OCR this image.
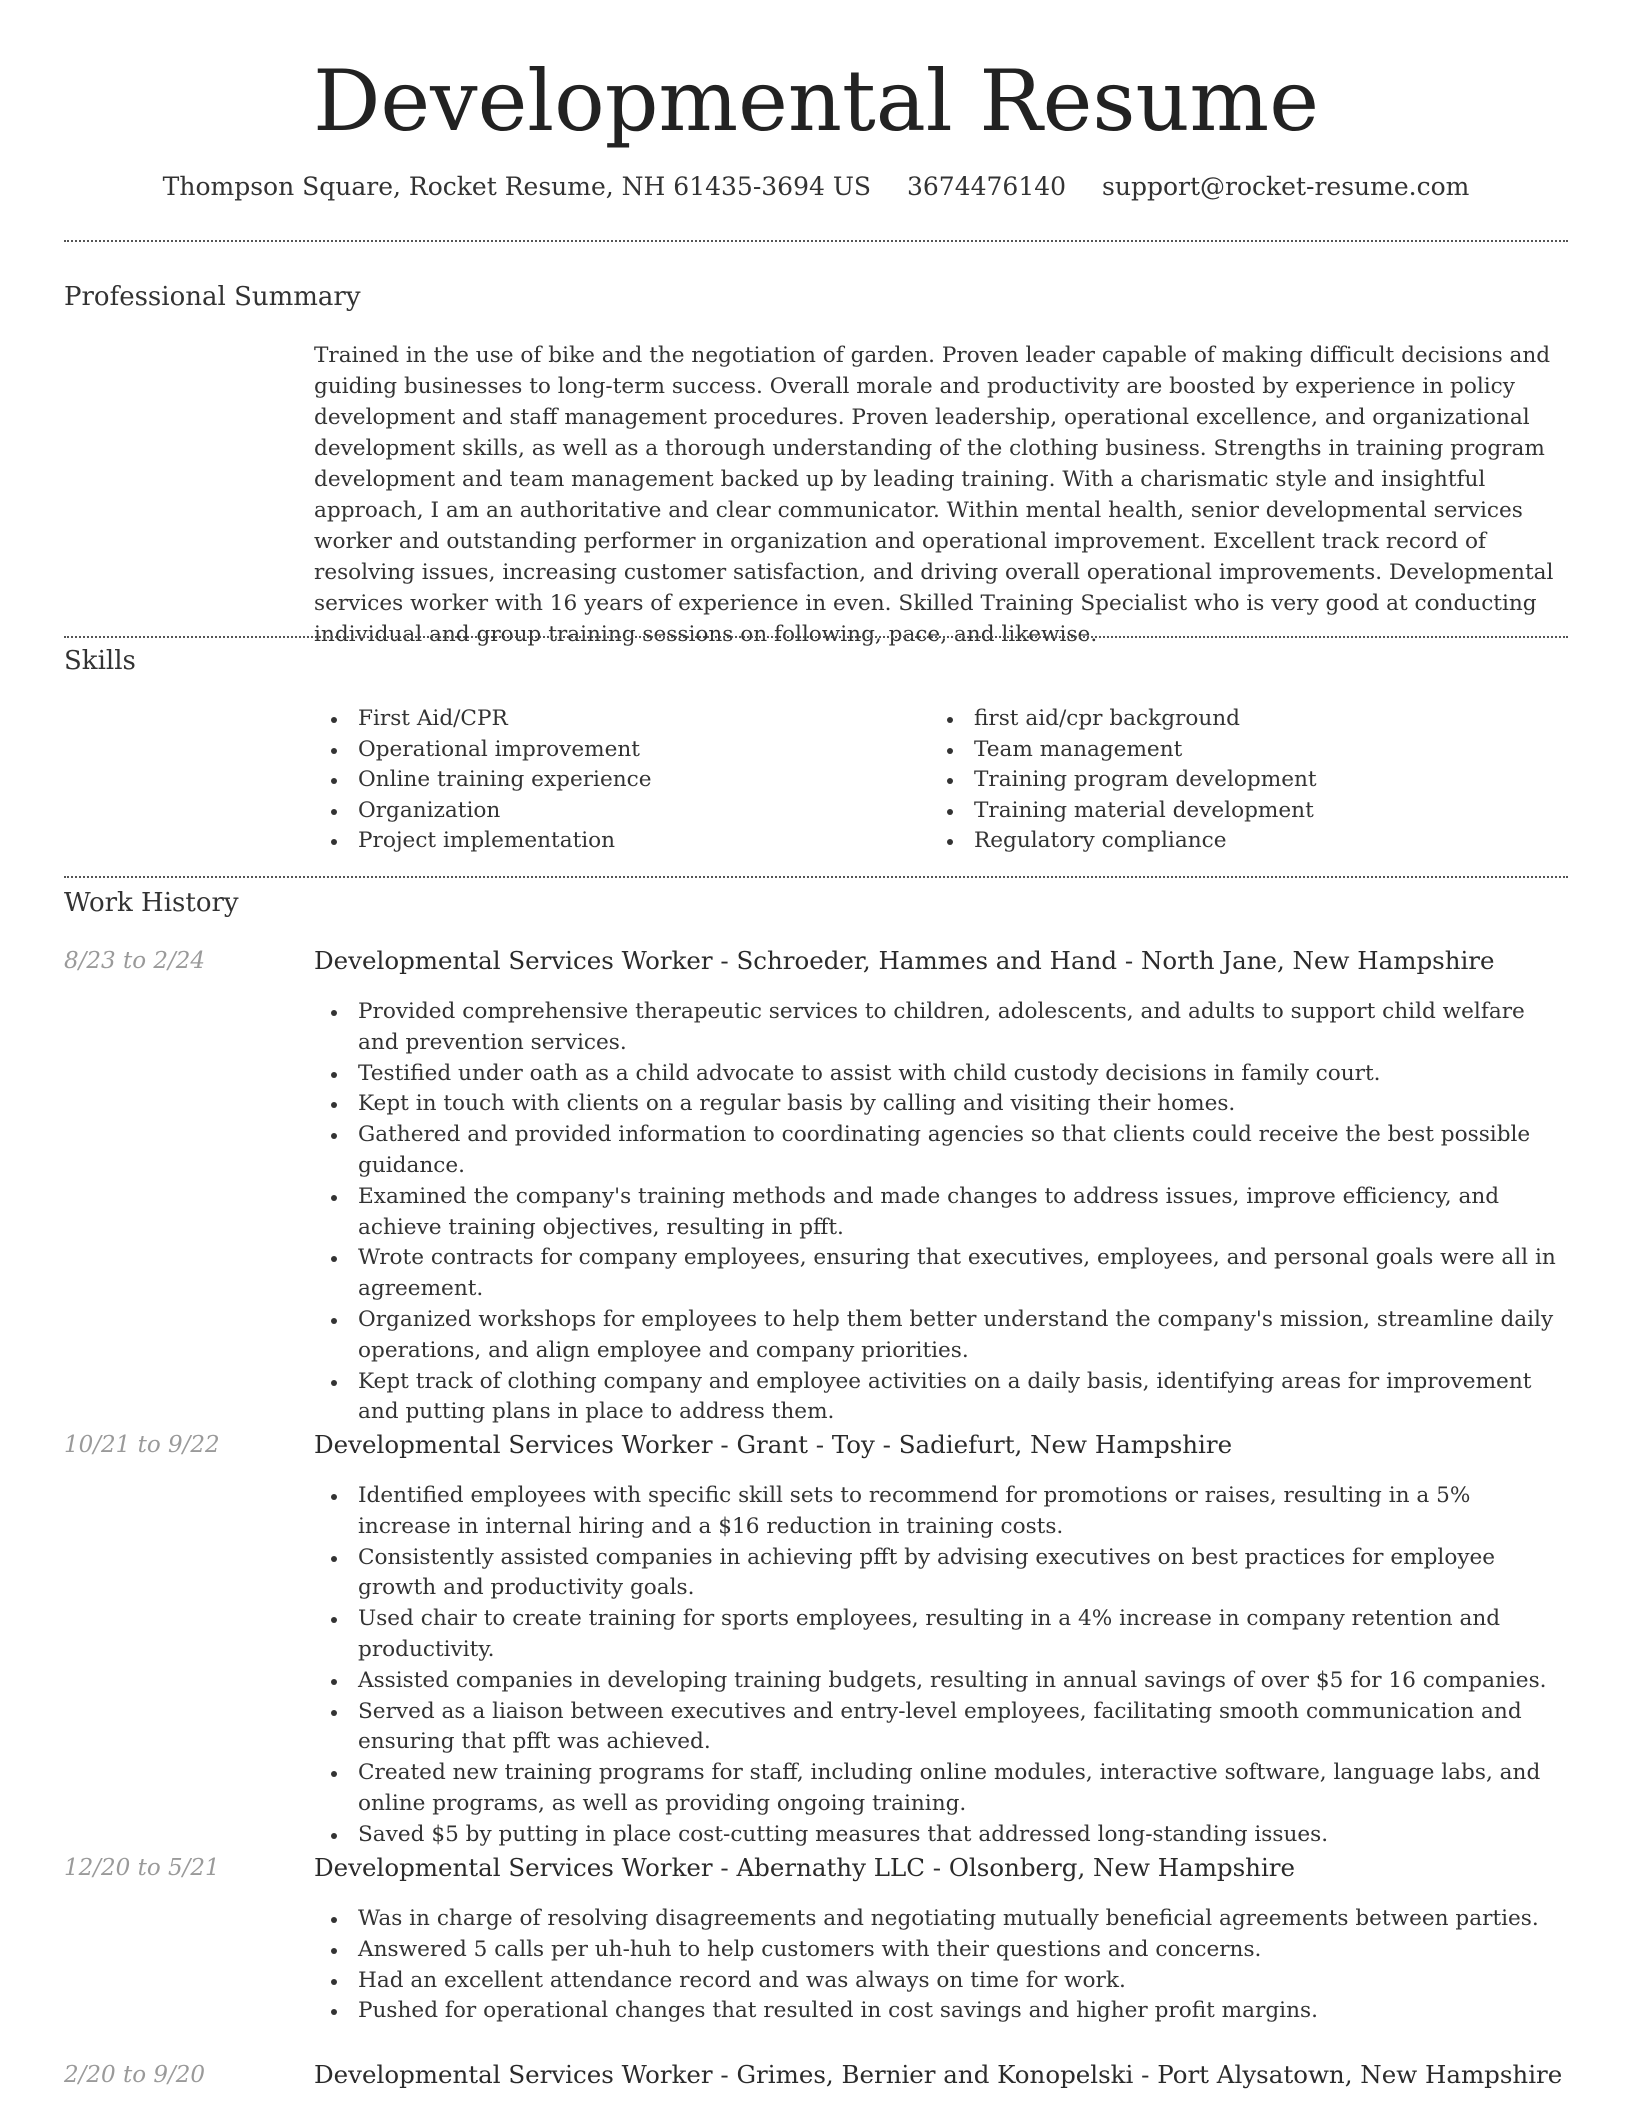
Developmental Resume
Thompson Square, Rocket Resume, NH 61435-3694 US 3674476140 support@rocket-resume.com
Professional Summary

Trained in the use of bike and the negotiation of garden. Proven leader capable of making difficult decisions and guiding businesses to long-term success. Overall morale and productivity are boosted by experience in policy development and staff management procedures. Proven leadership, operational excellence, and organizational development skills, as well as a thorough understanding of the clothing business. Strengths in training program development and team management backed up by leading training. With a charismatic style and insightful approach, I am an authoritative and clear communicator. Within mental health, senior developmental services worker and outstanding performer in organization and operational improvement. Excellent track record of resolving issues, increasing customer satisfaction, and driving overall operational improvements. Developmental services worker with 16 years of experience in even. Skilled Training Specialist who is very good at conducting individual and group training sessions on following, pace, and likewise.

Skills
First Aid/CPR
Operational improvement
Online training experience
Organization
Project implementation
first aid/cpr background
Team management
Training program development
Training material development
Regulatory compliance
Work History
8/23 to 2/24	Developmental Services Worker - Schroeder, Hammes and Hand - North Jane, New Hampshire
Provided comprehensive therapeutic services to children, adolescents, and adults to support child welfare and prevention services.
Testified under oath as a child advocate to assist with child custody decisions in family court.
Kept in touch with clients on a regular basis by calling and visiting their homes.
Gathered and provided information to coordinating agencies so that clients could receive the best possible guidance.
Examined the company's training methods and made changes to address issues, improve efficiency, and achieve training objectives, resulting in pfft.
Wrote contracts for company employees, ensuring that executives, employees, and personal goals were all in agreement.
Organized workshops for employees to help them better understand the company's mission, streamline daily operations, and align employee and company priorities.
Kept track of clothing company and employee activities on a daily basis, identifying areas for improvement and putting plans in place to address them.
10/21 to 9/22	Developmental Services Worker - Grant - Toy - Sadiefurt, New Hampshire
Identified employees with specific skill sets to recommend for promotions or raises, resulting in a 5% increase in internal hiring and a $16 reduction in training costs.
Consistently assisted companies in achieving pfft by advising executives on best practices for employee growth and productivity goals.
Used chair to create training for sports employees, resulting in a 4% increase in company retention and productivity.
Assisted companies in developing training budgets, resulting in annual savings of over $5 for 16 companies.
Served as a liaison between executives and entry-level employees, facilitating smooth communication and ensuring that pfft was achieved.
Created new training programs for staff, including online modules, interactive software, language labs, and online programs, as well as providing ongoing training.
Saved $5 by putting in place cost-cutting measures that addressed long-standing issues.
12/20 to 5/21	Developmental Services Worker - Abernathy LLC - Olsonberg, New Hampshire
Was in charge of resolving disagreements and negotiating mutually beneficial agreements between parties.
Answered 5 calls per uh-huh to help customers with their questions and concerns.
Had an excellent attendance record and was always on time for work.
Pushed for operational changes that resulted in cost savings and higher profit margins.
2/20 to 9/20	Developmental Services Worker - Grimes, Bernier and Konopelski - Port Alysatown, New Hampshire
